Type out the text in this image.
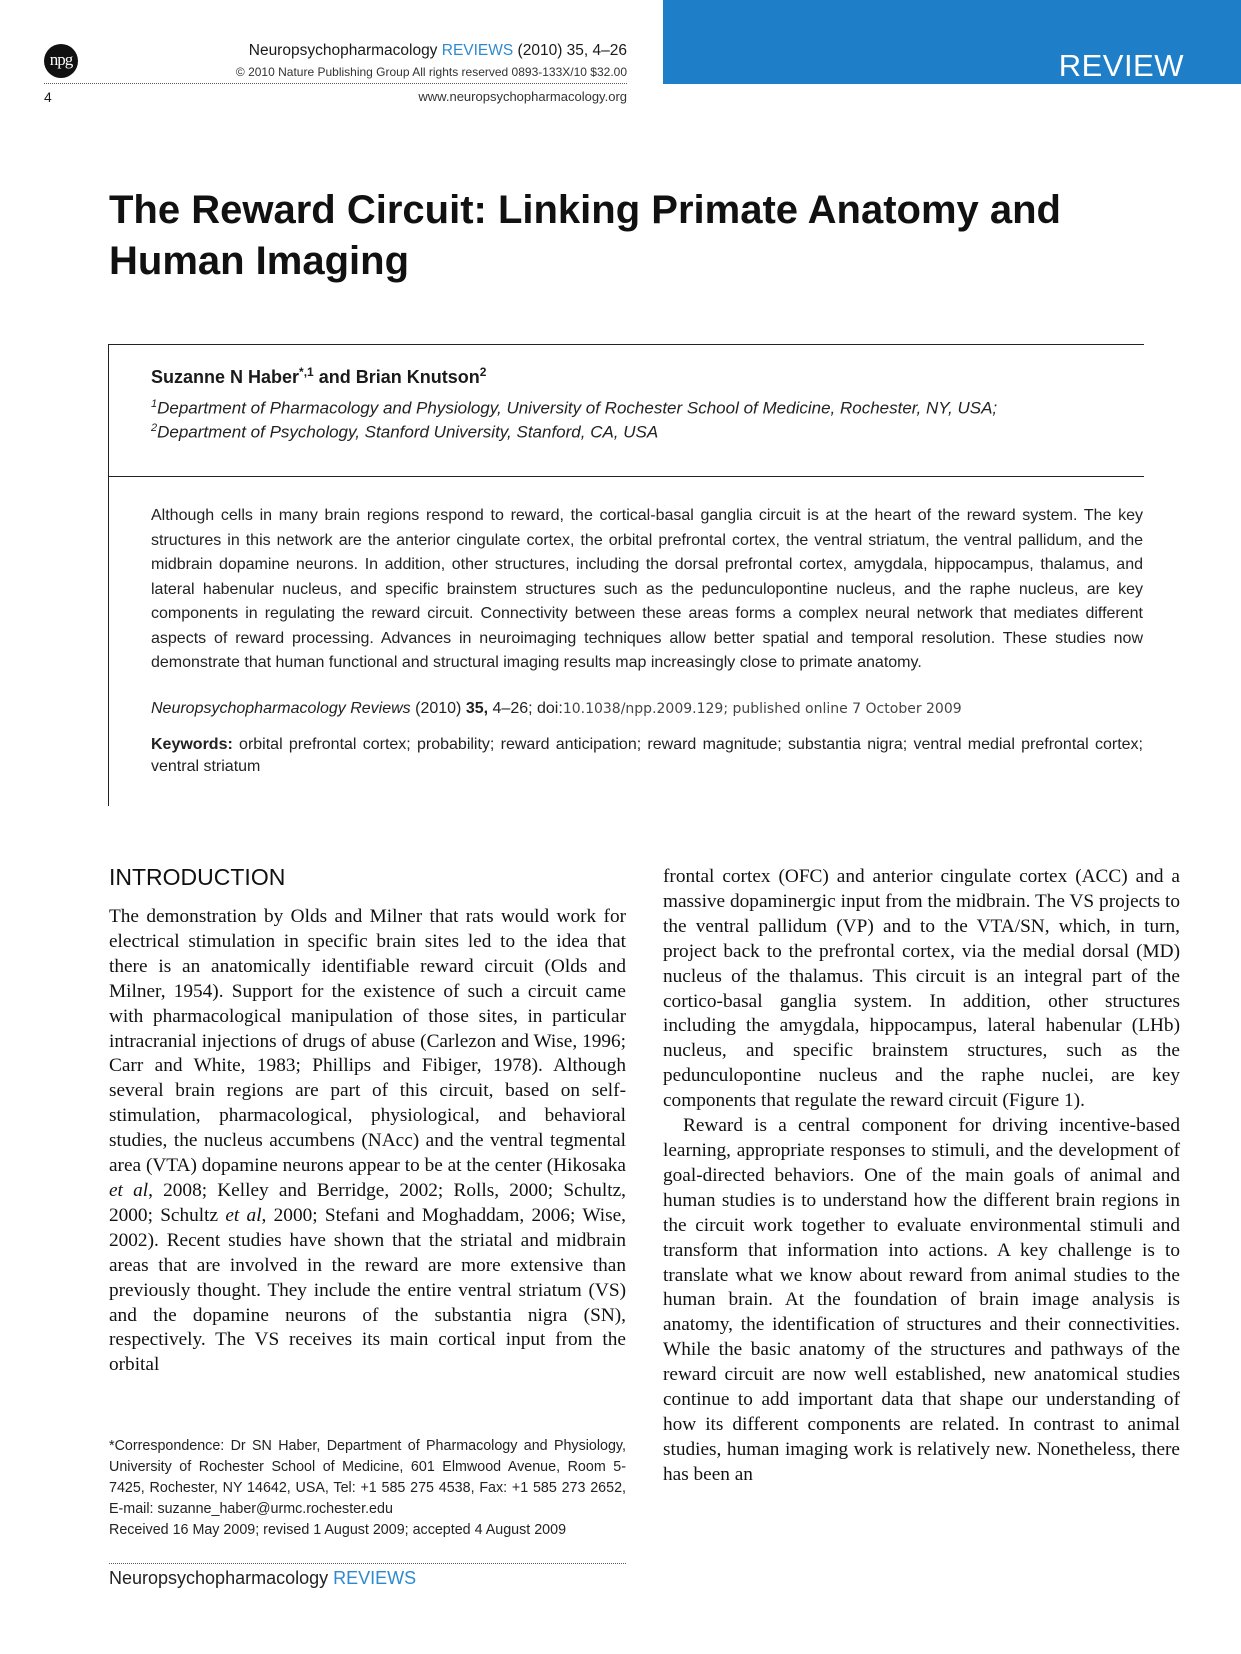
npg	Neuropsychopharmacology REVIEWS (2010) 35, 4–26
© 2010 Nature Publishing Group All rights reserved 0893-133X/10 $32.00
4	www.neuropsychopharmacology.org
REVIEW
The Reward Circuit: Linking Primate Anatomy and Human Imaging
Suzanne N Haber$^{*,1}$ and Brian Knutson$^2$
$^1$Department of Pharmacology and Physiology, University of Rochester School of Medicine, Rochester, NY, USA;
$^2$Department of Psychology, Stanford University, Stanford, CA, USA
Although cells in many brain regions respond to reward, the cortical-basal ganglia circuit is at the heart of the reward system. The key structures in this network are the anterior cingulate cortex, the orbital prefrontal cortex, the ventral striatum, the ventral pallidum, and the midbrain dopamine neurons. In addition, other structures, including the dorsal prefrontal cortex, amygdala, hippocampus, thalamus, and lateral habenular nucleus, and specific brainstem structures such as the pedunculopontine nucleus, and the raphe nucleus, are key components in regulating the reward circuit. Connectivity between these areas forms a complex neural network that mediates different aspects of reward processing. Advances in neuroimaging techniques allow better spatial and temporal resolution. These studies now demonstrate that human functional and structural imaging results map increasingly close to primate anatomy.
Neuropsychopharmacology Reviews (2010) 35, 4–26; doi:10.1038/npp.2009.129; published online 7 October 2009
Keywords: orbital prefrontal cortex; probability; reward anticipation; reward magnitude; substantia nigra; ventral medial prefrontal cortex; ventral striatum
INTRODUCTION

The demonstration by Olds and Milner that rats would work for electrical stimulation in specific brain sites led to the idea that there is an anatomically identifiable reward circuit (Olds and Milner, 1954). Support for the existence of such a circuit came with pharmacological manipulation of those sites, in particular intracranial injections of drugs of abuse (Carlezon and Wise, 1996; Carr and White, 1983; Phillips and Fibiger, 1978). Although several brain regions are part of this circuit, based on self-stimulation, pharmacological, physiological, and behavioral studies, the nucleus accumbens (NAcc) and the ventral tegmental area (VTA) dopamine neurons appear to be at the center (Hikosaka et al, 2008; Kelley and Berridge, 2002; Rolls, 2000; Schultz, 2000; Schultz et al, 2000; Stefani and Moghaddam, 2006; Wise, 2002). Recent studies have shown that the striatal and midbrain areas that are involved in the reward are more extensive than previously thought. They include the entire ventral striatum (VS) and the dopamine neurons of the substantia nigra (SN), respectively. The VS receives its main cortical input from the orbital

frontal cortex (OFC) and anterior cingulate cortex (ACC) and a massive dopaminergic input from the midbrain. The VS projects to the ventral pallidum (VP) and to the VTA/SN, which, in turn, project back to the prefrontal cortex, via the medial dorsal (MD) nucleus of the thalamus. This circuit is an integral part of the cortico-basal ganglia system. In addition, other structures including the amygdala, hippocampus, lateral habenular (LHb) nucleus, and specific brainstem structures, such as the pedunculopontine nucleus and the raphe nuclei, are key components that regulate the reward circuit (Figure 1).

Reward is a central component for driving incentive-based learning, appropriate responses to stimuli, and the development of goal-directed behaviors. One of the main goals of animal and human studies is to understand how the different brain regions in the circuit work together to evaluate environmental stimuli and transform that information into actions. A key challenge is to translate what we know about reward from animal studies to the human brain. At the foundation of brain image analysis is anatomy, the identification of structures and their connectivities. While the basic anatomy of the structures and pathways of the reward circuit are now well established, new anatomical studies continue to add important data that shape our understanding of how its different components are related. In contrast to animal studies, human imaging work is relatively new. Nonetheless, there has been an

*Correspondence: Dr SN Haber, Department of Pharmacology and Physiology, University of Rochester School of Medicine, 601 Elmwood Avenue, Room 5-7425, Rochester, NY 14642, USA, Tel: +1 585 275 4538, Fax: +1 585 273 2652, E-mail: suzanne_haber@urmc.rochester.edu
Received 16 May 2009; revised 1 August 2009; accepted 4 August 2009
Neuropsychopharmacology REVIEWS
